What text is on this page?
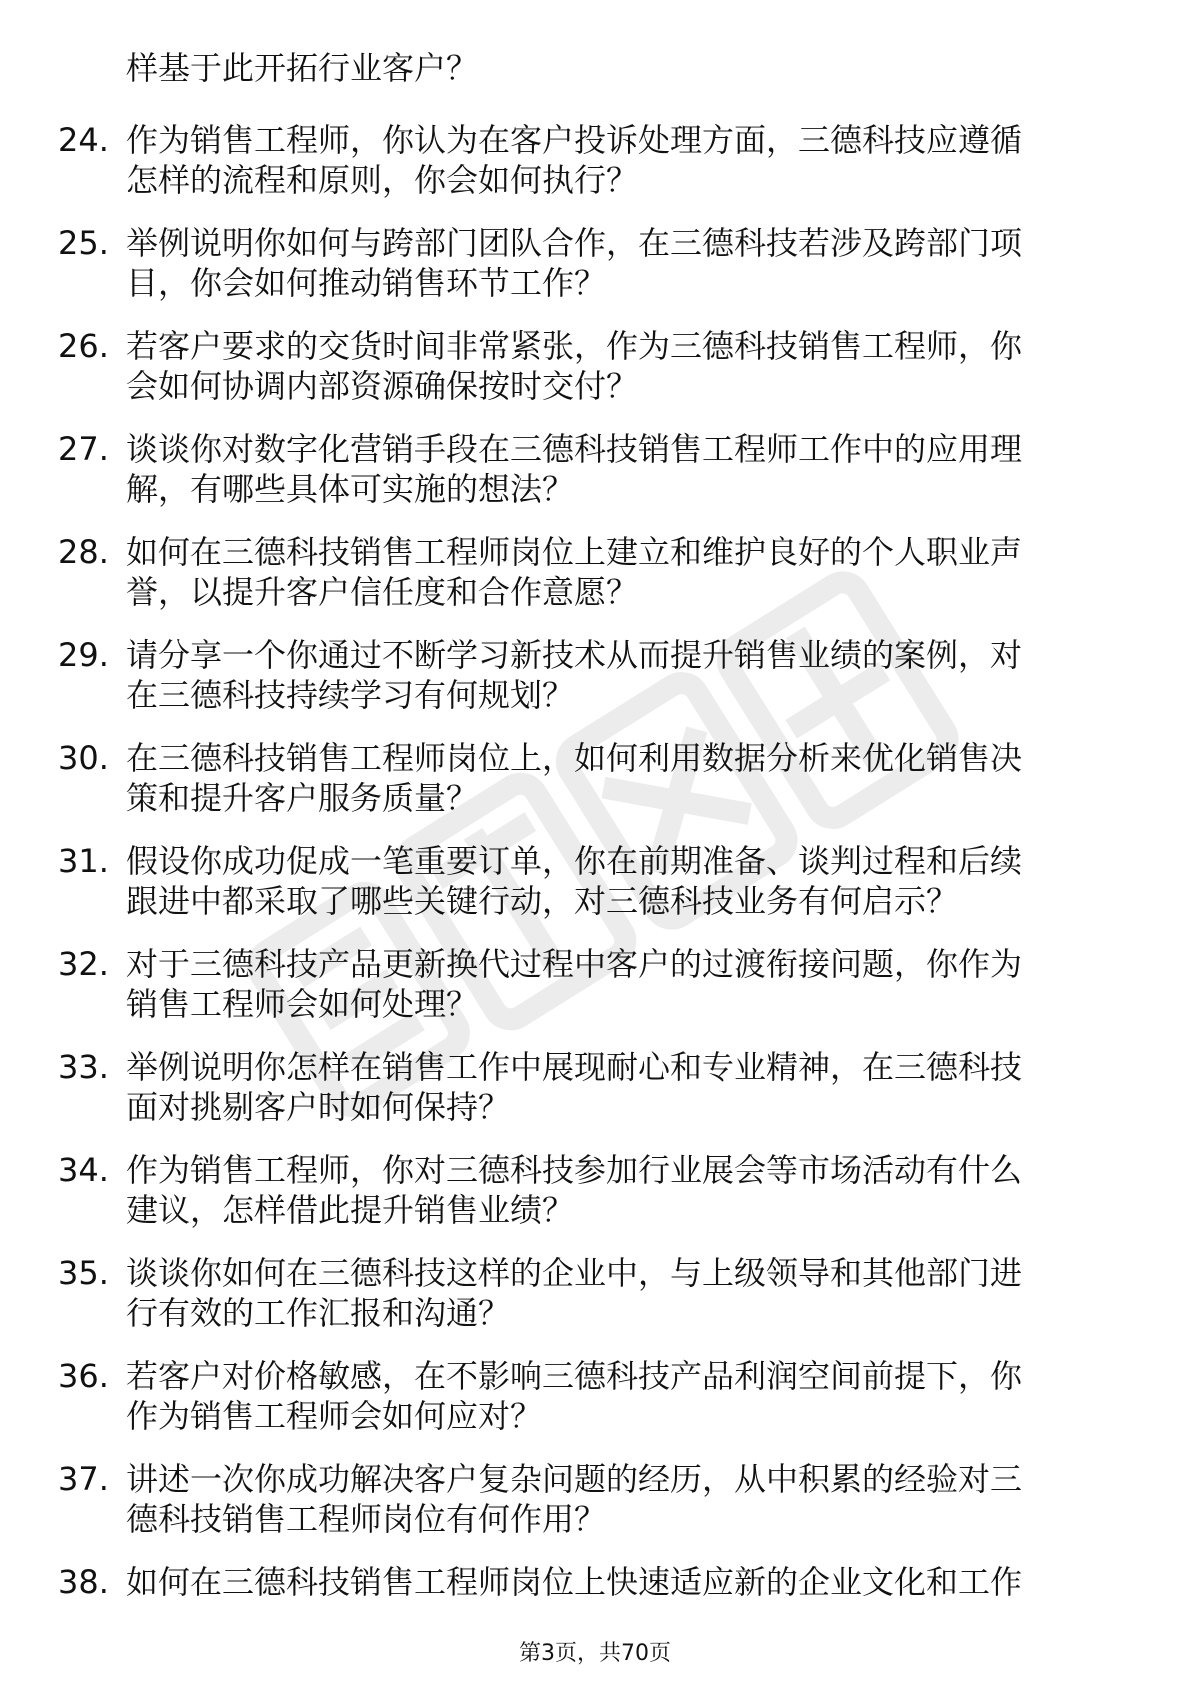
样基于此开拓行业客户？
24. 作为销售工程师，你认为在客户投诉处理方面，三德科技应遵循
怎样的流程和原则，你会如何执行？
25. 举例说明你如何与跨部门团队合作，在三德科技若涉及跨部门项
目，你会如何推动销售环节工作？
26. 若客户要求的交货时间非常紧张，作为三德科技销售工程师，你
会如何协调内部资源确保按时交付？
27. 谈谈你对数字化营销手段在三德科技销售工程师工作中的应用理
解，有哪些具体可实施的想法？
28. 如何在三德科技销售工程师岗位上建立和维护良好的个人职业声
誉，以提升客户信任度和合作意愿？
29. 请分享一个你通过不断学习新技术从而提升销售业绩的案例，对
在三德科技持续学习有何规划？
30. 在三德科技销售工程师岗位上，如何利用数据分析来优化销售决
策和提升客户服务质量？
31. 假设你成功促成一笔重要订单，你在前期准备、谈判过程和后续
跟进中都采取了哪些关键行动，对三德科技业务有何启示？
32. 对于三德科技产品更新换代过程中客户的过渡衔接问题，你作为
销售工程师会如何处理？
33. 举例说明你怎样在销售工作中展现耐心和专业精神，在三德科技
面对挑剔客户时如何保持？
34. 作为销售工程师，你对三德科技参加行业展会等市场活动有什么
建议，怎样借此提升销售业绩？
35. 谈谈你如何在三德科技这样的企业中，与上级领导和其他部门进
行有效的工作汇报和沟通？
36. 若客户对价格敏感，在不影响三德科技产品利润空间前提下，你
作为销售工程师会如何应对？
37. 讲述一次你成功解决客户复杂问题的经历，从中积累的经验对三
德科技销售工程师岗位有何作用？
38. 如何在三德科技销售工程师岗位上快速适应新的企业文化和工作
第3页，共70页
